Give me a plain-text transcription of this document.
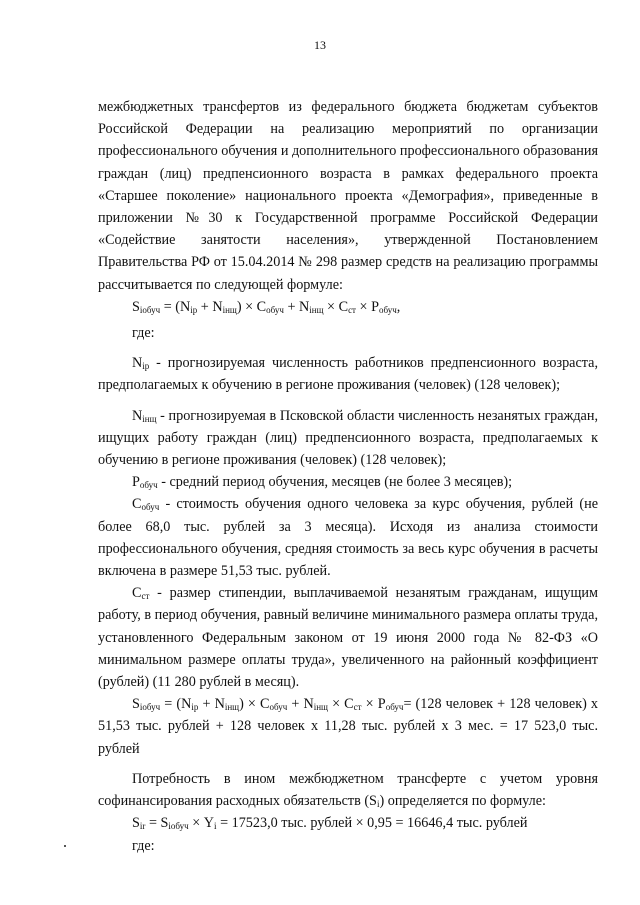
13

межбюджетных трансфертов из федерального бюджета бюджетам субъектов Российской Федерации на реализацию мероприятий по организации профессионального обучения и дополнительного профессионального образования граждан (лиц) предпенсионного возраста в рамках федерального проекта «Старшее поколение» национального проекта «Демография», приведенные в приложении №30 к Государственной программе Российской Федерации «Содействие занятости населения», утвержденной Постановлением Правительства РФ от 15.04.2014 № 298 размер средств на реализацию программы рассчитывается по следующей формуле:

$S_{iобуч} = (N_{ip} + N_{iнщ}) \times C_{обуч} + N_{iнщ} \times C_{ст} \times P_{обуч}$,

где:

$N_{ip}$ - прогнозируемая численность работников предпенсионного возраста, предполагаемых к обучению в регионе проживания (человек) (128 человек);

$N_{iнщ}$ - прогнозируемая в Псковской области численность незанятых граждан, ищущих работу граждан (лиц) предпенсионного возраста, предполагаемых к обучению в регионе проживания (человек) (128 человек);

$P_{обуч}$ - средний период обучения, месяцев (не более 3 месяцев);

$C_{обуч}$ - стоимость обучения одного человека за курс обучения, рублей (не более 68,0 тыс. рублей за 3 месяца). Исходя из анализа стоимости профессионального обучения, средняя стоимость за весь курс обучения в расчеты включена в размере 51,53 тыс. рублей.

$C_{ст}$ - размер стипендии, выплачиваемой незанятым гражданам, ищущим работу, в период обучения, равный величине минимального размера оплаты труда, установленного Федеральным законом от 19 июня 2000 года № 82-ФЗ «О минимальном размере оплаты труда», увеличенного на районный коэффициент (рублей) (11 280 рублей в месяц).

$S_{iобуч} = (N_{ip} + N_{iнщ}) \times C_{обуч} + N_{iнщ} \times C_{ст} \times P_{обуч}= (128$ человек + 128 человек) х 51,53 тыс. рублей + 128 человек х 11,28 тыс. рублей х 3 мес. = 17 523,0 тыс. рублей

Потребность в ином межбюджетном трансферте с учетом уровня софинансирования расходных обязательств $(S_i)$ определяется по формуле:

$S_{ir} = S_{iобуч} \times Y_i = 17523,0$ тыс. рублей × 0,95 = 16646,4 тыс. рублей

где:
